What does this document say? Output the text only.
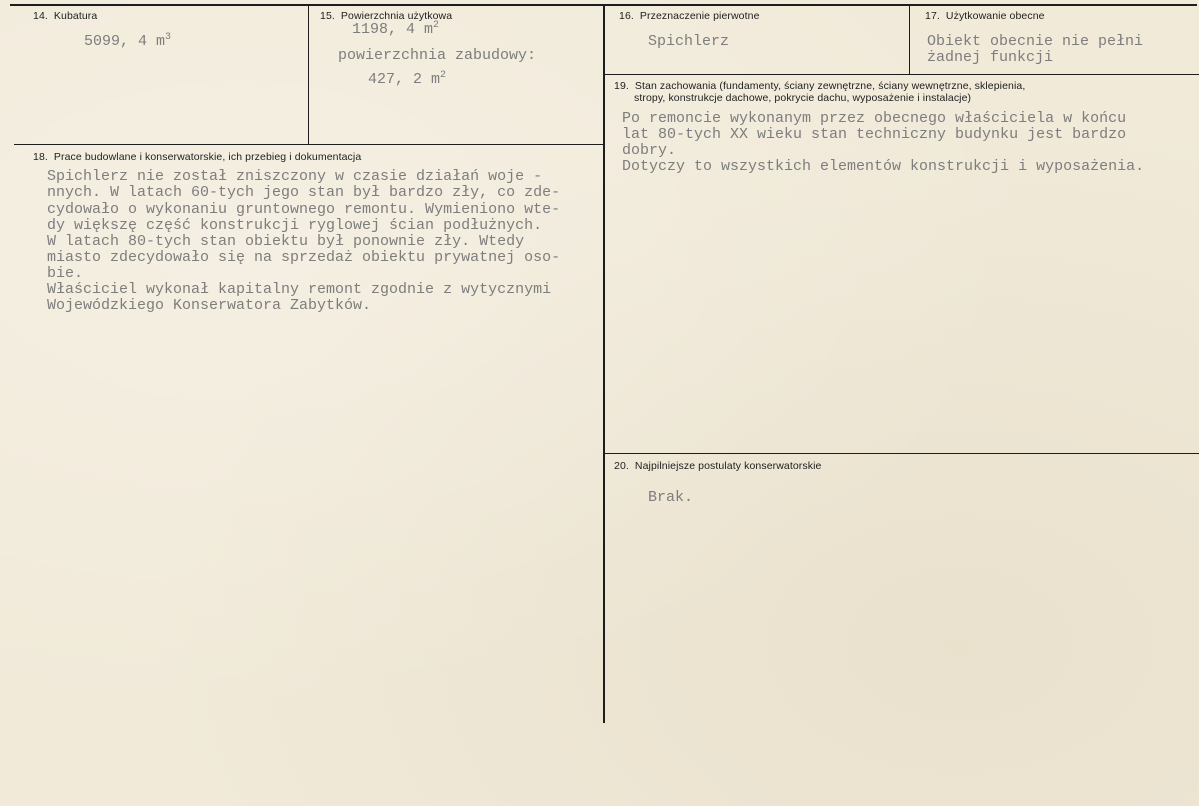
14. Kubatura
5099, 4 $m^3$
15. Powierzchnia użytkowa
1198, 4 $m^2$
powierzchnia zabudowy:
427, 2 $m^2$
16. Przeznaczenie pierwotne
Spichlerz
17. Użytkowanie obecne
Obiekt obecnie nie pełni
żadnej funkcji
19. Stan zachowania (fundamenty, ściany zewnętrzne, ściany wewnętrzne, sklepienia,
stropy, konstrukcje dachowe, pokrycie dachu, wyposażenie i instalacje)
Po remoncie wykonanym przez obecnego właściciela w końcu
lat 80-tych XX wieku stan techniczny budynku jest bardzo
dobry.
Dotyczy to wszystkich elementów konstrukcji i wyposażenia.
18. Prace budowlane i konserwatorskie, ich przebieg i dokumentacja
Spichlerz nie został zniszczony w czasie działań woje -
nnych. W latach 60-tych jego stan był bardzo zły, co zde-
cydowało o wykonaniu gruntownego remontu. Wymieniono wte-
dy większę część konstrukcji ryglowej ścian podłużnych.
W latach 80-tych stan obiektu był ponownie zły. Wtedy
miasto zdecydowało się na sprzedaż obiektu prywatnej oso-
bie.
Właściciel wykonał kapitalny remont zgodnie z wytycznymi
Wojewódzkiego Konserwatora Zabytków.
20. Najpilniejsze postulaty konserwatorskie
Brak.
